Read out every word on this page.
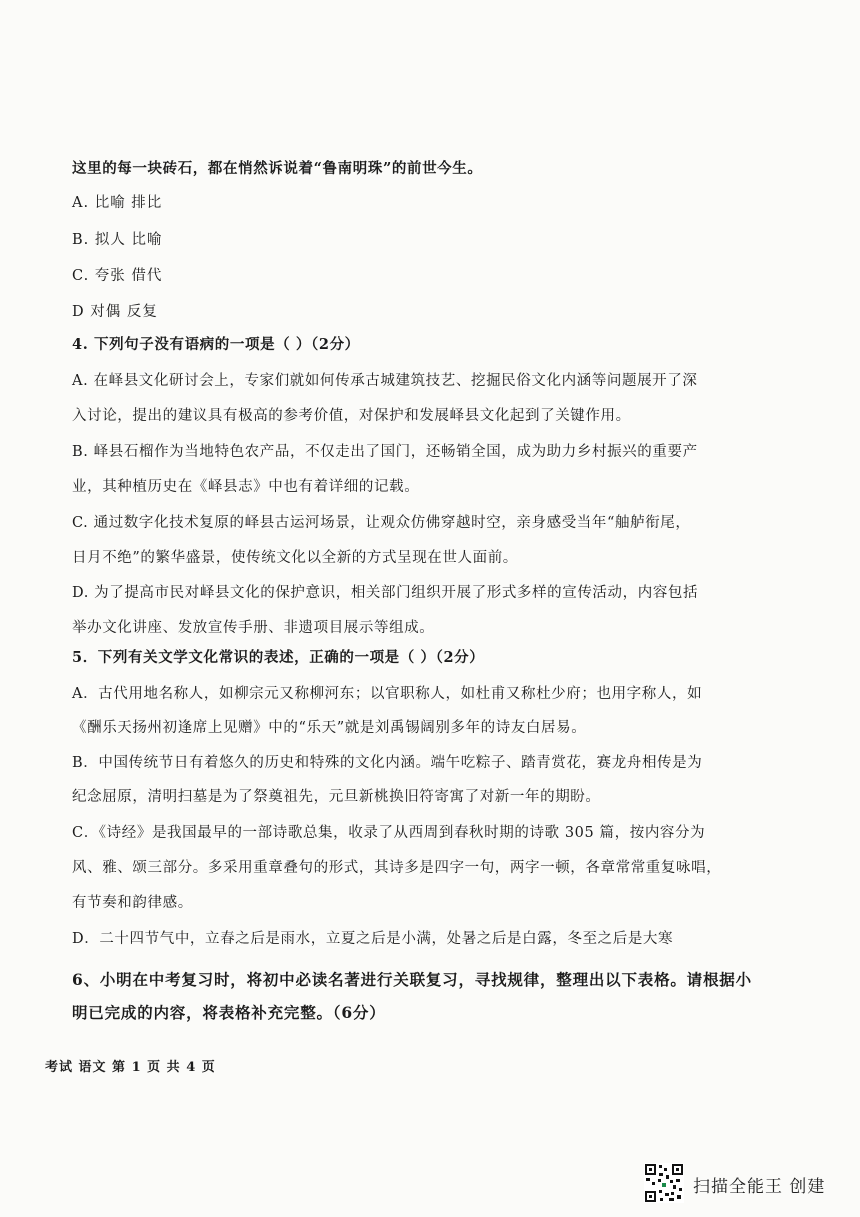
这里的每一块砖石，都在悄然诉说着“鲁南明珠”的前世今生。
A. 比喻 排比
B. 拟人 比喻
C. 夸张 借代
D 对偶 反复
4. 下列句子没有语病的一项是（ ）（2分）
A. 在峄县文化研讨会上，专家们就如何传承古城建筑技艺、挖掘民俗文化内涵等问题展开了深
入讨论，提出的建议具有极高的参考价值，对保护和发展峄县文化起到了关键作用。
B. 峄县石榴作为当地特色农产品，不仅走出了国门，还畅销全国，成为助力乡村振兴的重要产
业，其种植历史在《峄县志》中也有着详细的记载。
C. 通过数字化技术复原的峄县古运河场景，让观众仿佛穿越时空，亲身感受当年“舳舻衔尾，
日月不绝”的繁华盛景，使传统文化以全新的方式呈现在世人面前。
D. 为了提高市民对峄县文化的保护意识，相关部门组织开展了形式多样的宣传活动，内容包括
举办文化讲座、发放宣传手册、非遗项目展示等组成。
5．下列有关文学文化常识的表述，正确的一项是（ ）（2分）
A．古代用地名称人，如柳宗元又称柳河东；以官职称人，如杜甫又称杜少府；也用字称人，如
《酬乐天扬州初逢席上见赠》中的“乐天”就是刘禹锡阔别多年的诗友白居易。
B．中国传统节日有着悠久的历史和特殊的文化内涵。端午吃粽子、踏青赏花，赛龙舟相传是为
纪念屈原，清明扫墓是为了祭奠祖先，元旦新桃换旧符寄寓了对新一年的期盼。
C．《诗经》是我国最早的一部诗歌总集，收录了从西周到春秋时期的诗歌 305 篇，按内容分为
风、雅、颂三部分。多采用重章叠句的形式，其诗多是四字一句，两字一顿，各章常常重复咏唱，
有节奏和韵律感。
D．二十四节气中，立春之后是雨水，立夏之后是小满，处暑之后是白露，冬至之后是大寒
6、小明在中考复习时，将初中必读名著进行关联复习，寻找规律，整理出以下表格。请根据小
明已完成的内容，将表格补充完整。（6分）
考试 语文 第 1 页 共 4 页
扫描全能王 创建
